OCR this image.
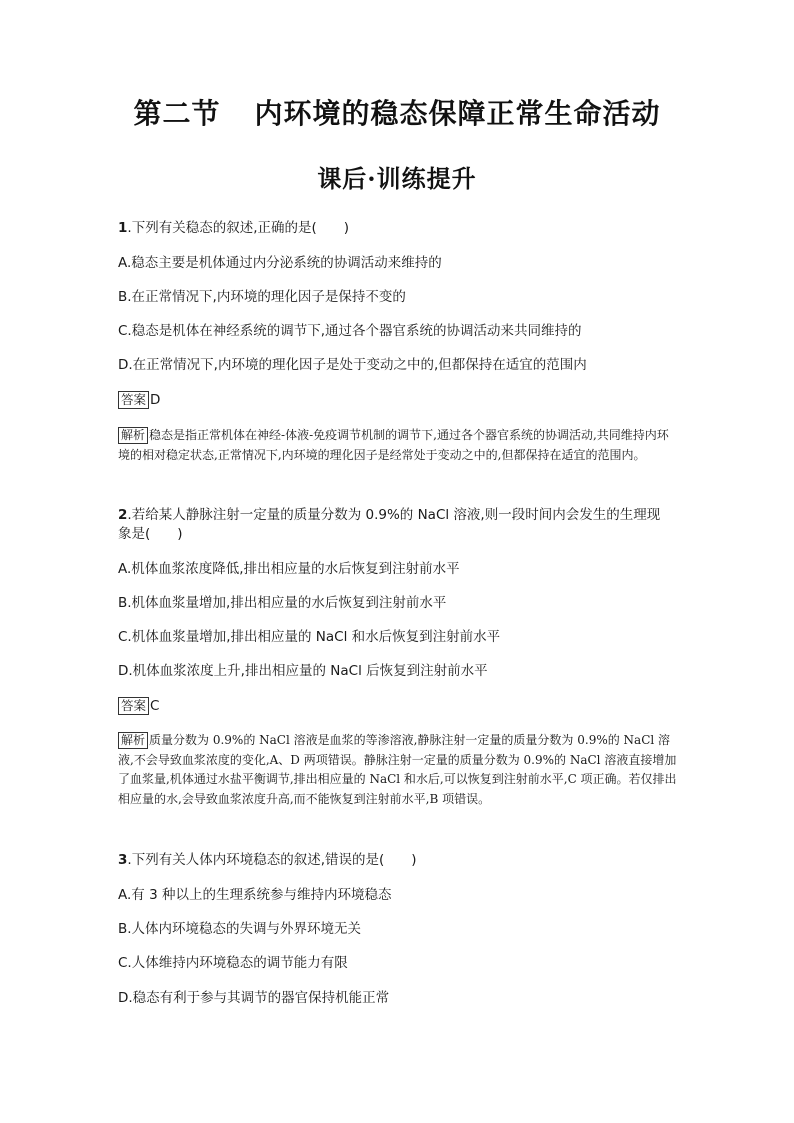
第二节 内环境的稳态保障正常生命活动
课后·训练提升
1.下列有关稳态的叙述,正确的是(　　)
A.稳态主要是机体通过内分泌系统的协调活动来维持的
B.在正常情况下,内环境的理化因子是保持不变的
C.稳态是机体在神经系统的调节下,通过各个器官系统的协调活动来共同维持的
D.在正常情况下,内环境的理化因子是处于变动之中的,但都保持在适宜的范围内
答案 D
解析 稳态是指正常机体在神经-体液-免疫调节机制的调节下,通过各个器官系统的协调活动,共同维持内环境的相对稳定状态,正常情况下,内环境的理化因子是经常处于变动之中的,但都保持在适宜的范围内。
2.若给某人静脉注射一定量的质量分数为 0.9%的 NaCl 溶液,则一段时间内会发生的生理现
象是(　　)
A.机体血浆浓度降低,排出相应量的水后恢复到注射前水平
B.机体血浆量增加,排出相应量的水后恢复到注射前水平
C.机体血浆量增加,排出相应量的 NaCl 和水后恢复到注射前水平
D.机体血浆浓度上升,排出相应量的 NaCl 后恢复到注射前水平
答案 C
解析 质量分数为 0.9%的 NaCl 溶液是血浆的等渗溶液,静脉注射一定量的质量分数为 0.9%的 NaCl 溶液,不会导致血浆浓度的变化,A、D 两项错误。静脉注射一定量的质量分数为 0.9%的 NaCl 溶液直接增加了血浆量,机体通过水盐平衡调节,排出相应量的 NaCl 和水后,可以恢复到注射前水平,C 项正确。若仅排出相应量的水,会导致血浆浓度升高,而不能恢复到注射前水平,B 项错误。
3.下列有关人体内环境稳态的叙述,错误的是(　　)
A.有 3 种以上的生理系统参与维持内环境稳态
B.人体内环境稳态的失调与外界环境无关
C.人体维持内环境稳态的调节能力有限
D.稳态有利于参与其调节的器官保持机能正常
